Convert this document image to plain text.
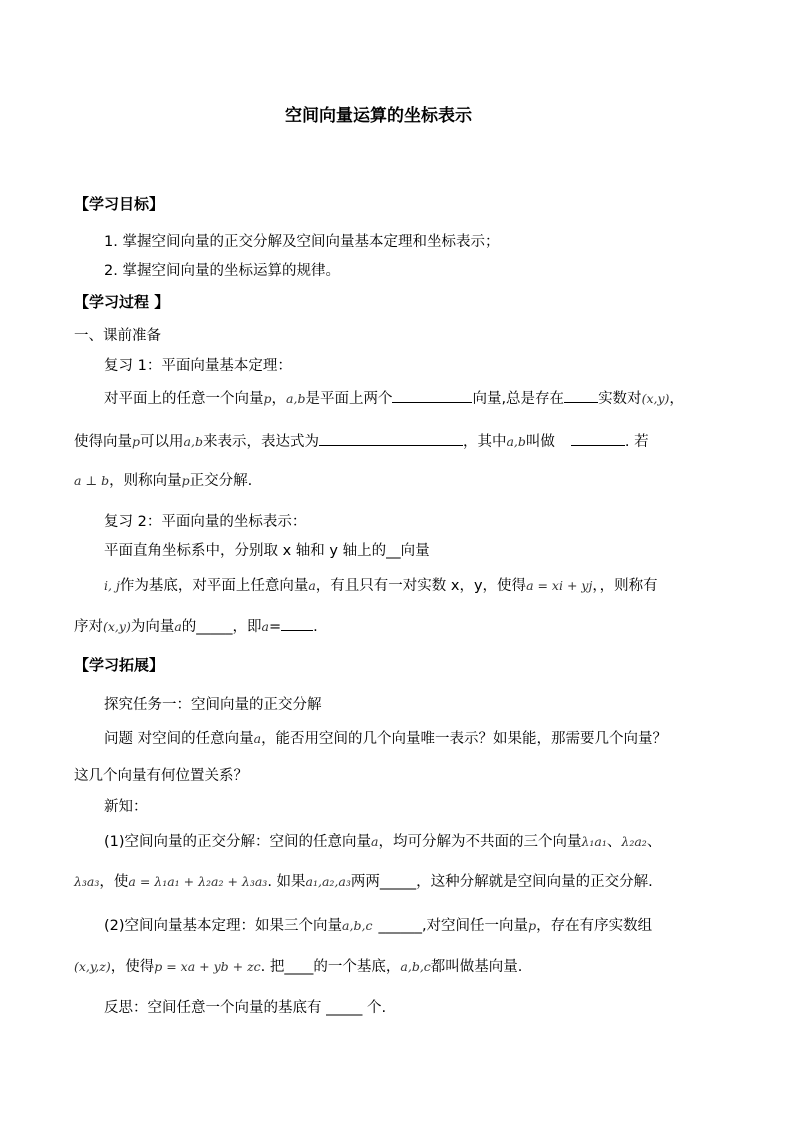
空间向量运算的坐标表示
【学习目标】
1. 掌握空间向量的正交分解及空间向量基本定理和坐标表示；
2. 掌握空间向量的坐标运算的规律。
【学习过程 】
一、课前准备
复习 1：平面向量基本定理：
对平面上的任意一个向量p，a,b是平面上两个	向量,总是存在 实数对(x,y)，
使得向量p可以用a,b来表示，表达式为	，其中a,b叫做	. 若
a ⊥ b，则称向量p正交分解.
复习 2：平面向量的坐标表示：
平面直角坐标系中，分别取 x 轴和 y 轴上的__向量
i, j作为基底，对平面上任意向量a，有且只有一对实数 x，y，使得a = xi + yj，，则称有
序对(x,y)为向量a的_____，即a= .
【学习拓展】
探究任务一：空间向量的正交分解
问题 对空间的任意向量a，能否用空间的几个向量唯一表示？如果能，那需要几个向量？
这几个向量有何位置关系？
新知：
(1)空间向量的正交分解：空间的任意向量a，均可分解为不共面的三个向量λ₁a₁、λ₂a₂、
λ₃a₃，使a = λ₁a₁ + λ₂a₂ + λ₃a₃. 如果a₁,a₂,a₃两两_____，这种分解就是空间向量的正交分解.
(2)空间向量基本定理：如果三个向量a,b,c ______,对空间任一向量p，存在有序实数组
(x,y,z)，使得p = xa + yb + zc. 把____的一个基底，a,b,c都叫做基向量.
反思：空间任意一个向量的基底有 _____ 个.
